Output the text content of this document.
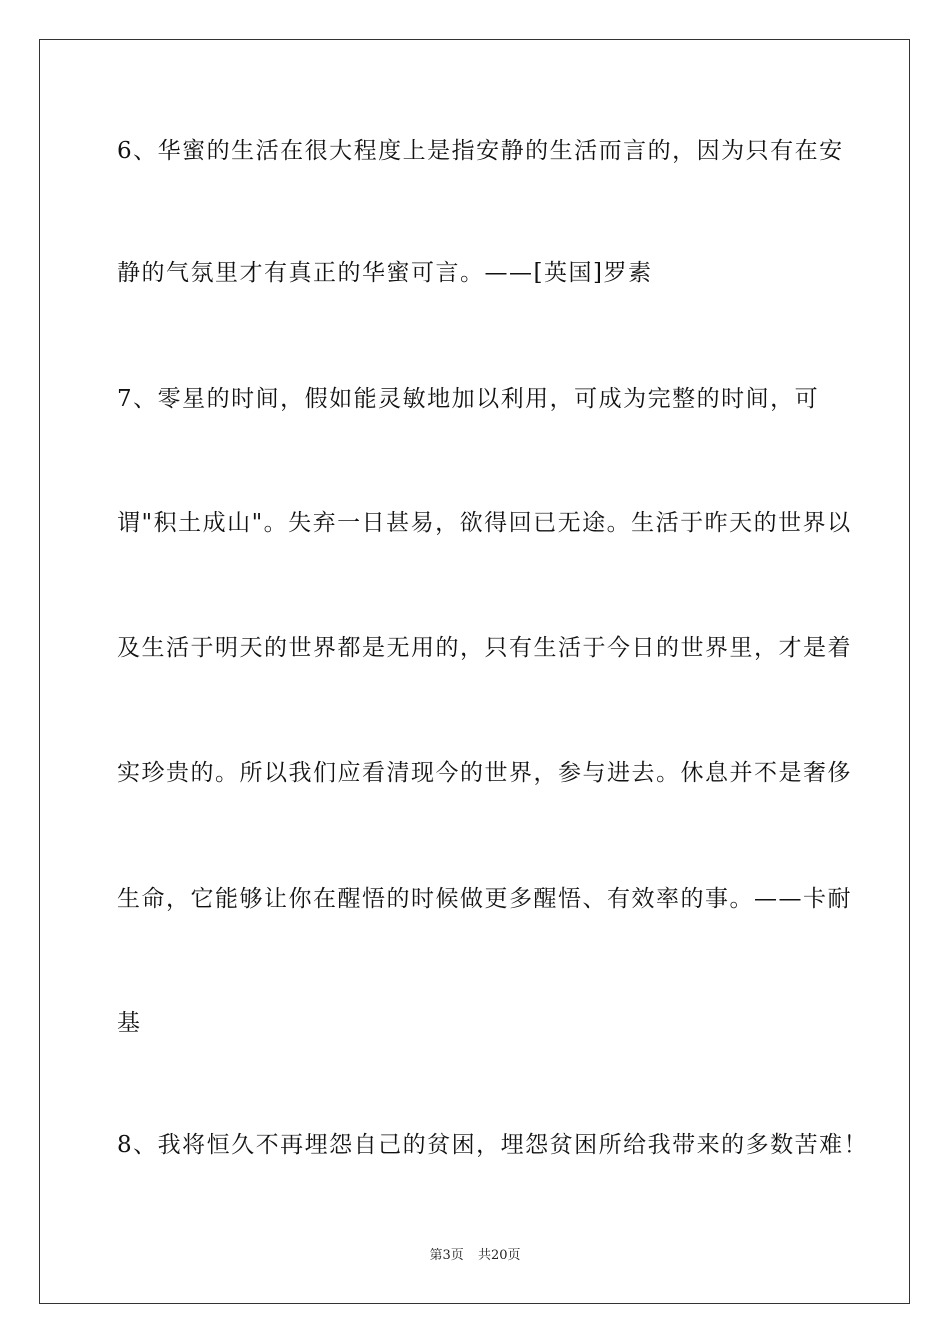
6、华蜜的生活在很大程度上是指安静的生活而言的，因为只有在安
静的气氛里才有真正的华蜜可言。——[英国]罗素
7、零星的时间，假如能灵敏地加以利用，可成为完整的时间，可
谓"积土成山"。失弃一日甚易，欲得回已无途。生活于昨天的世界以
及生活于明天的世界都是无用的，只有生活于今日的世界里，才是着
实珍贵的。所以我们应看清现今的世界，参与进去。休息并不是奢侈
生命，它能够让你在醒悟的时候做更多醒悟、有效率的事。——卡耐
基
8、我将恒久不再埋怨自己的贫困，埋怨贫困所给我带来的多数苦难！
第3页 共20页
